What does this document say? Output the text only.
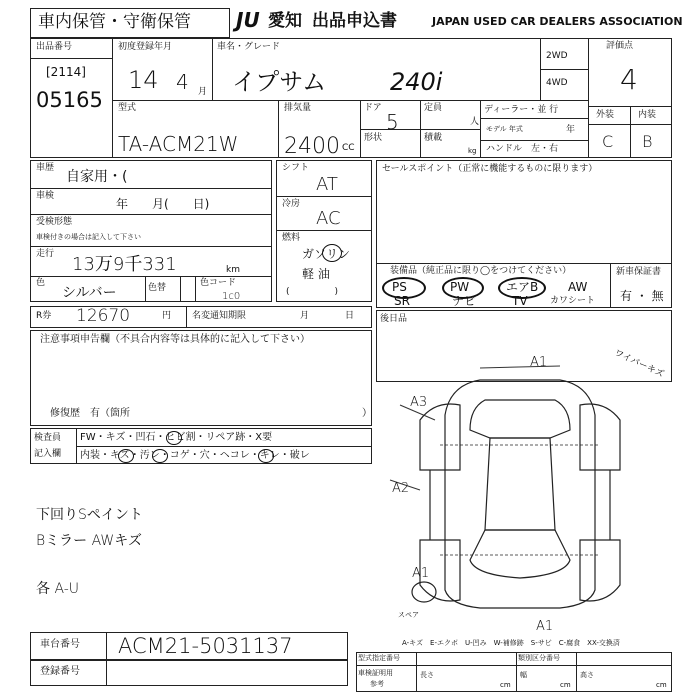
車内保管・守衛保管 JU 愛知 出品申込書	JAPAN USED CAR DEALERS ASSOCIATION
出品番号
[2114]
05165
初度登録年月
14 4 月
車名・グレード
イプサム	240i
2WD
4WD
評価点
4
外装	内装
C B
型式
TA-ACM21W
排気量
2400 CC
ドア
5
形状
定員
人
積載
kg
ディーラー・並 行
モデル 年式	年
ハンドル　左・右
車歴
自家用・(
車検
年　　月(　　日)
受検形態
車検付きの場合は記入して下さい
走行 13万9千331	km
色
シルバー	色替	色コード
1c0
シフト
AT
冷房
AC
燃料
ガソリン
軽 油
(　　　　　)
セールスポイント（正常に機能するものに限ります）
装備品（純正品に限り◯をつけてください）	新車保証書
有 ・ 無
PS	PW	エアB AW
SR	ナビ	TV カワシート
R券 12670	円 名変通知期限	月　　　　日	後日品
注意事項申告欄（不具合内容等は具体的に記入して下さい）
修復歴　有（箇所	）
検査員
記入欄
FW・キズ・凹石・ヒビ割・リペア跡・X要
内装・キズ・汚レ・コゲ・穴・ヘコレ・キレ・破レ
下回りSペイント
Bミラー AWキズ
各 A-U
A1	ワイパーキズ
A3
A2
A1
A1
スペア
A-キズ　E-エクボ　U-凹み　W-補修跡　S-サビ　C-腐食　XX-交換済
車台番号 ACM21-5031137
登録番号
型式指定番号	類別区分番号
車検証明用
参考
長さ
cm
幅
cm
高さ
cm
